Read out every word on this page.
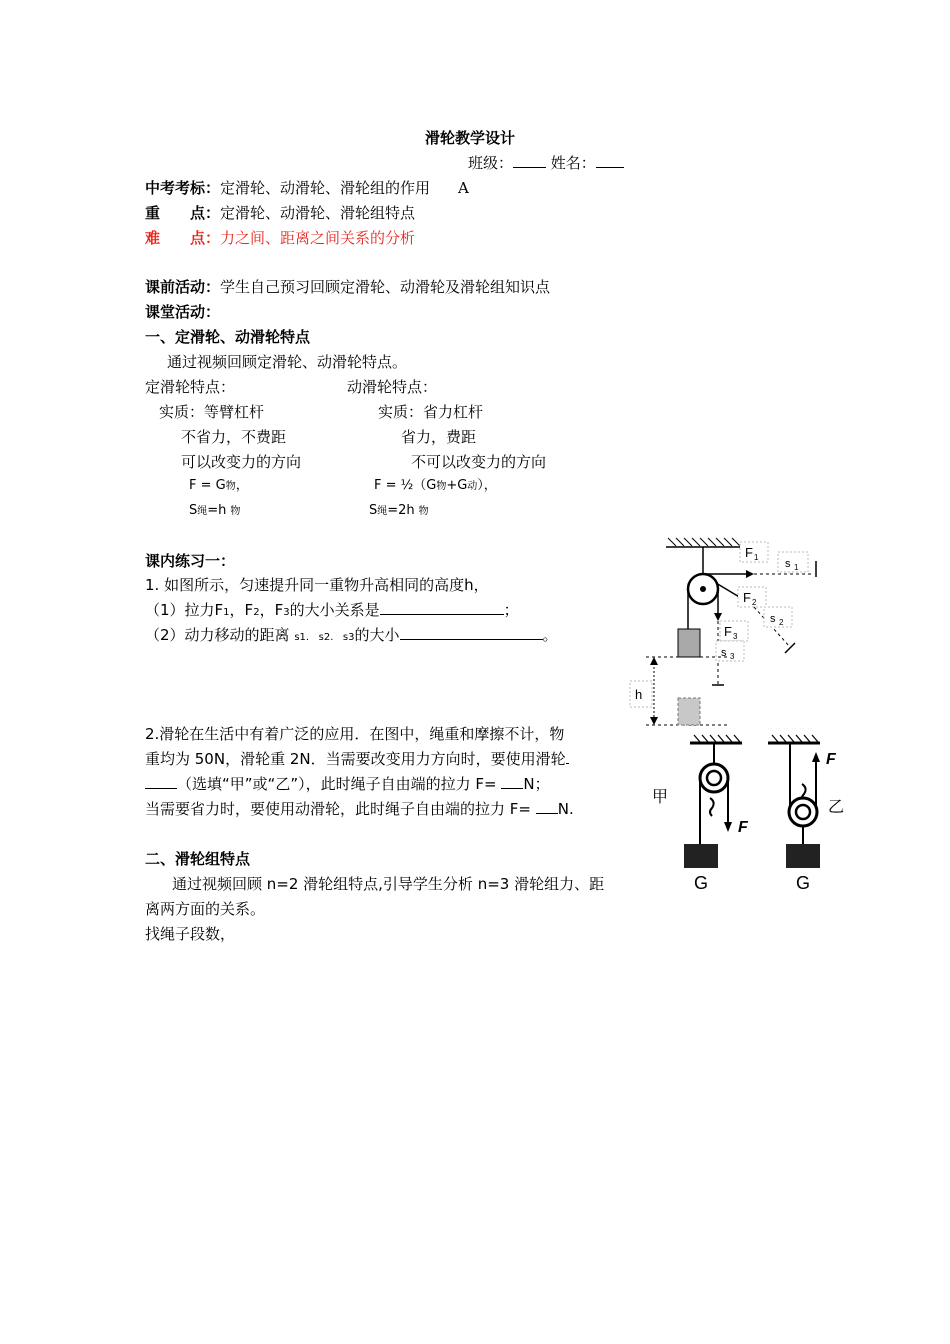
滑轮教学设计
班级：	姓名：
中考考标：定滑轮、动滑轮、滑轮组的作用 A
重　　点：定滑轮、动滑轮、滑轮组特点
难　　点：力之间、距离之间关系的分析
课前活动：学生自己预习回顾定滑轮、动滑轮及滑轮组知识点
课堂活动：
一、定滑轮、动滑轮特点
通过视频回顾定滑轮、动滑轮特点。
定滑轮特点：	动滑轮特点：
实质：等臂杠杆	实质：省力杠杆
不省力，不费距	省力，费距
可以改变力的方向	不可以改变力的方向
F = G物，	F = ½（G物+G动），
S绳=h 物	S绳=2h 物
课内练习一：
1. 如图所示，匀速提升同一重物升高相同的高度h，
（1）拉力F1，F2，F3的大小关系是	；
（2）动力移动的距离 s1.   s2.   s3的大小	。
2.滑轮在生活中有着广泛的应用．在图中，绳重和摩擦不计，物
重均为 50N，滑轮重 2N．当需要改变用力方向时，要使用滑轮
（选填“甲”或“乙”），此时绳子自由端的拉力 F= N；
当需要省力时，要使用动滑轮，此时绳子自由端的拉力 F= N.
二、滑轮组特点
通过视频回顾 n=2 滑轮组特点,引导学生分析 n=3 滑轮组力、距
离两方面的关系。
找绳子段数，
F 1
s 1
F 2
s 2
F 3
s 3
h
F
甲
G
F
乙
G
